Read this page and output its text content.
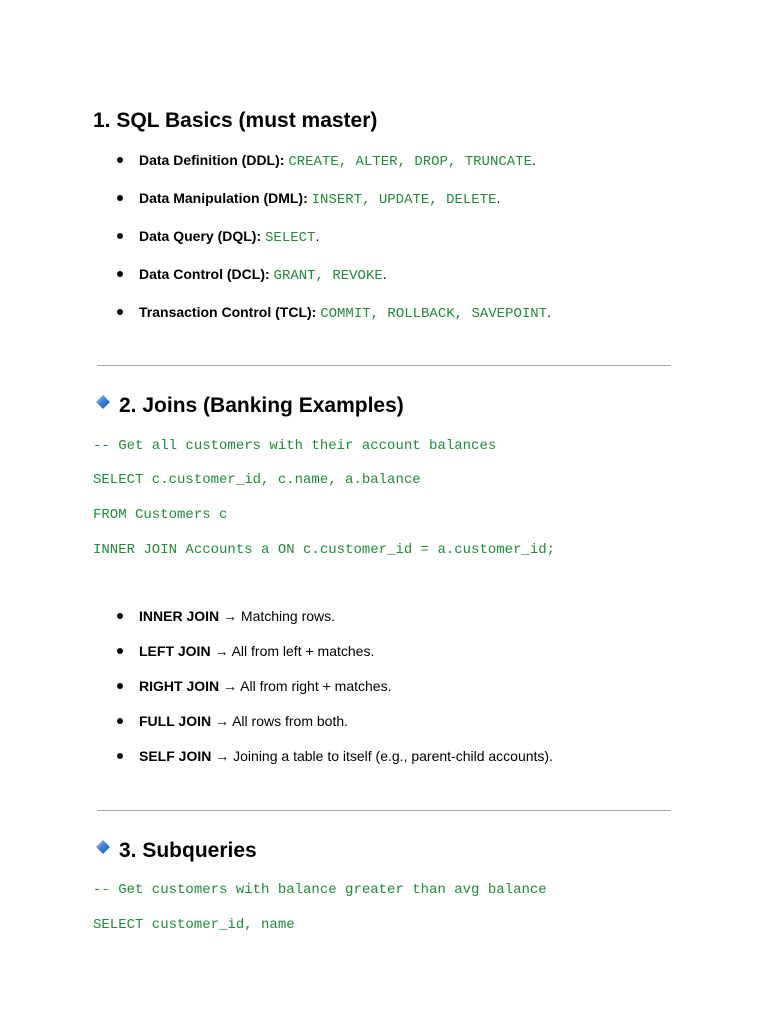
1. SQL Basics (must master)
Data Definition (DDL): CREATE, ALTER, DROP, TRUNCATE.
Data Manipulation (DML): INSERT, UPDATE, DELETE.
Data Query (DQL): SELECT.
Data Control (DCL): GRANT, REVOKE.
Transaction Control (TCL): COMMIT, ROLLBACK, SAVEPOINT.
2. Joins (Banking Examples)
-- Get all customers with their account balances
SELECT c.customer_id, c.name, a.balance
FROM Customers c
INNER JOIN Accounts a ON c.customer_id = a.customer_id;
INNER JOIN → Matching rows.
LEFT JOIN → All from left + matches.
RIGHT JOIN → All from right + matches.
FULL JOIN → All rows from both.
SELF JOIN → Joining a table to itself (e.g., parent-child accounts).
3. Subqueries
-- Get customers with balance greater than avg balance
SELECT customer_id, name
